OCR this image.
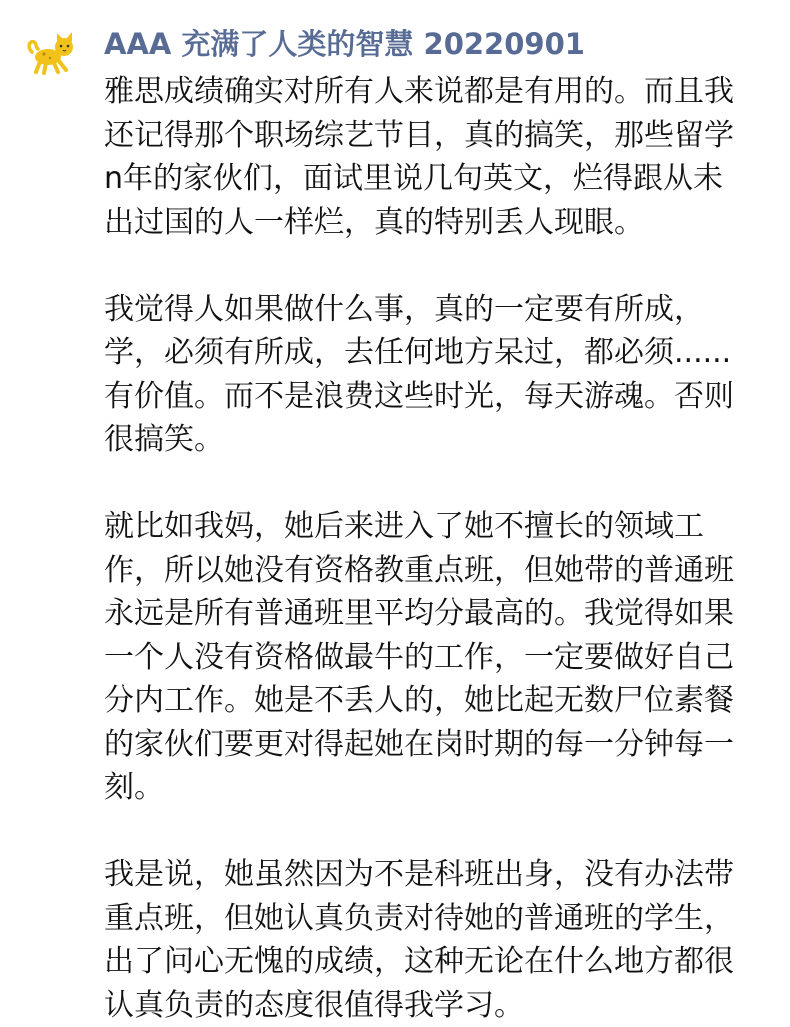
AAA 充满了人类的智慧 20220901
雅思成绩确实对所有人来说都是有用的。而且我
还记得那个职场综艺节目，真的搞笑，那些留学
n年的家伙们，面试里说几句英文，烂得跟从未
出过国的人一样烂，真的特别丢人现眼。
我觉得人如果做什么事，真的一定要有所成，
学，必须有所成，去任何地方呆过，都必须......
有价值。而不是浪费这些时光，每天游魂。否则
很搞笑。
就比如我妈，她后来进入了她不擅长的领域工
作，所以她没有资格教重点班，但她带的普通班
永远是所有普通班里平均分最高的。我觉得如果
一个人没有资格做最牛的工作，一定要做好自己
分内工作。她是不丢人的，她比起无数尸位素餐
的家伙们要更对得起她在岗时期的每一分钟每一
刻。
我是说，她虽然因为不是科班出身，没有办法带
重点班，但她认真负责对待她的普通班的学生，
出了问心无愧的成绩，这种无论在什么地方都很
认真负责的态度很值得我学习。
